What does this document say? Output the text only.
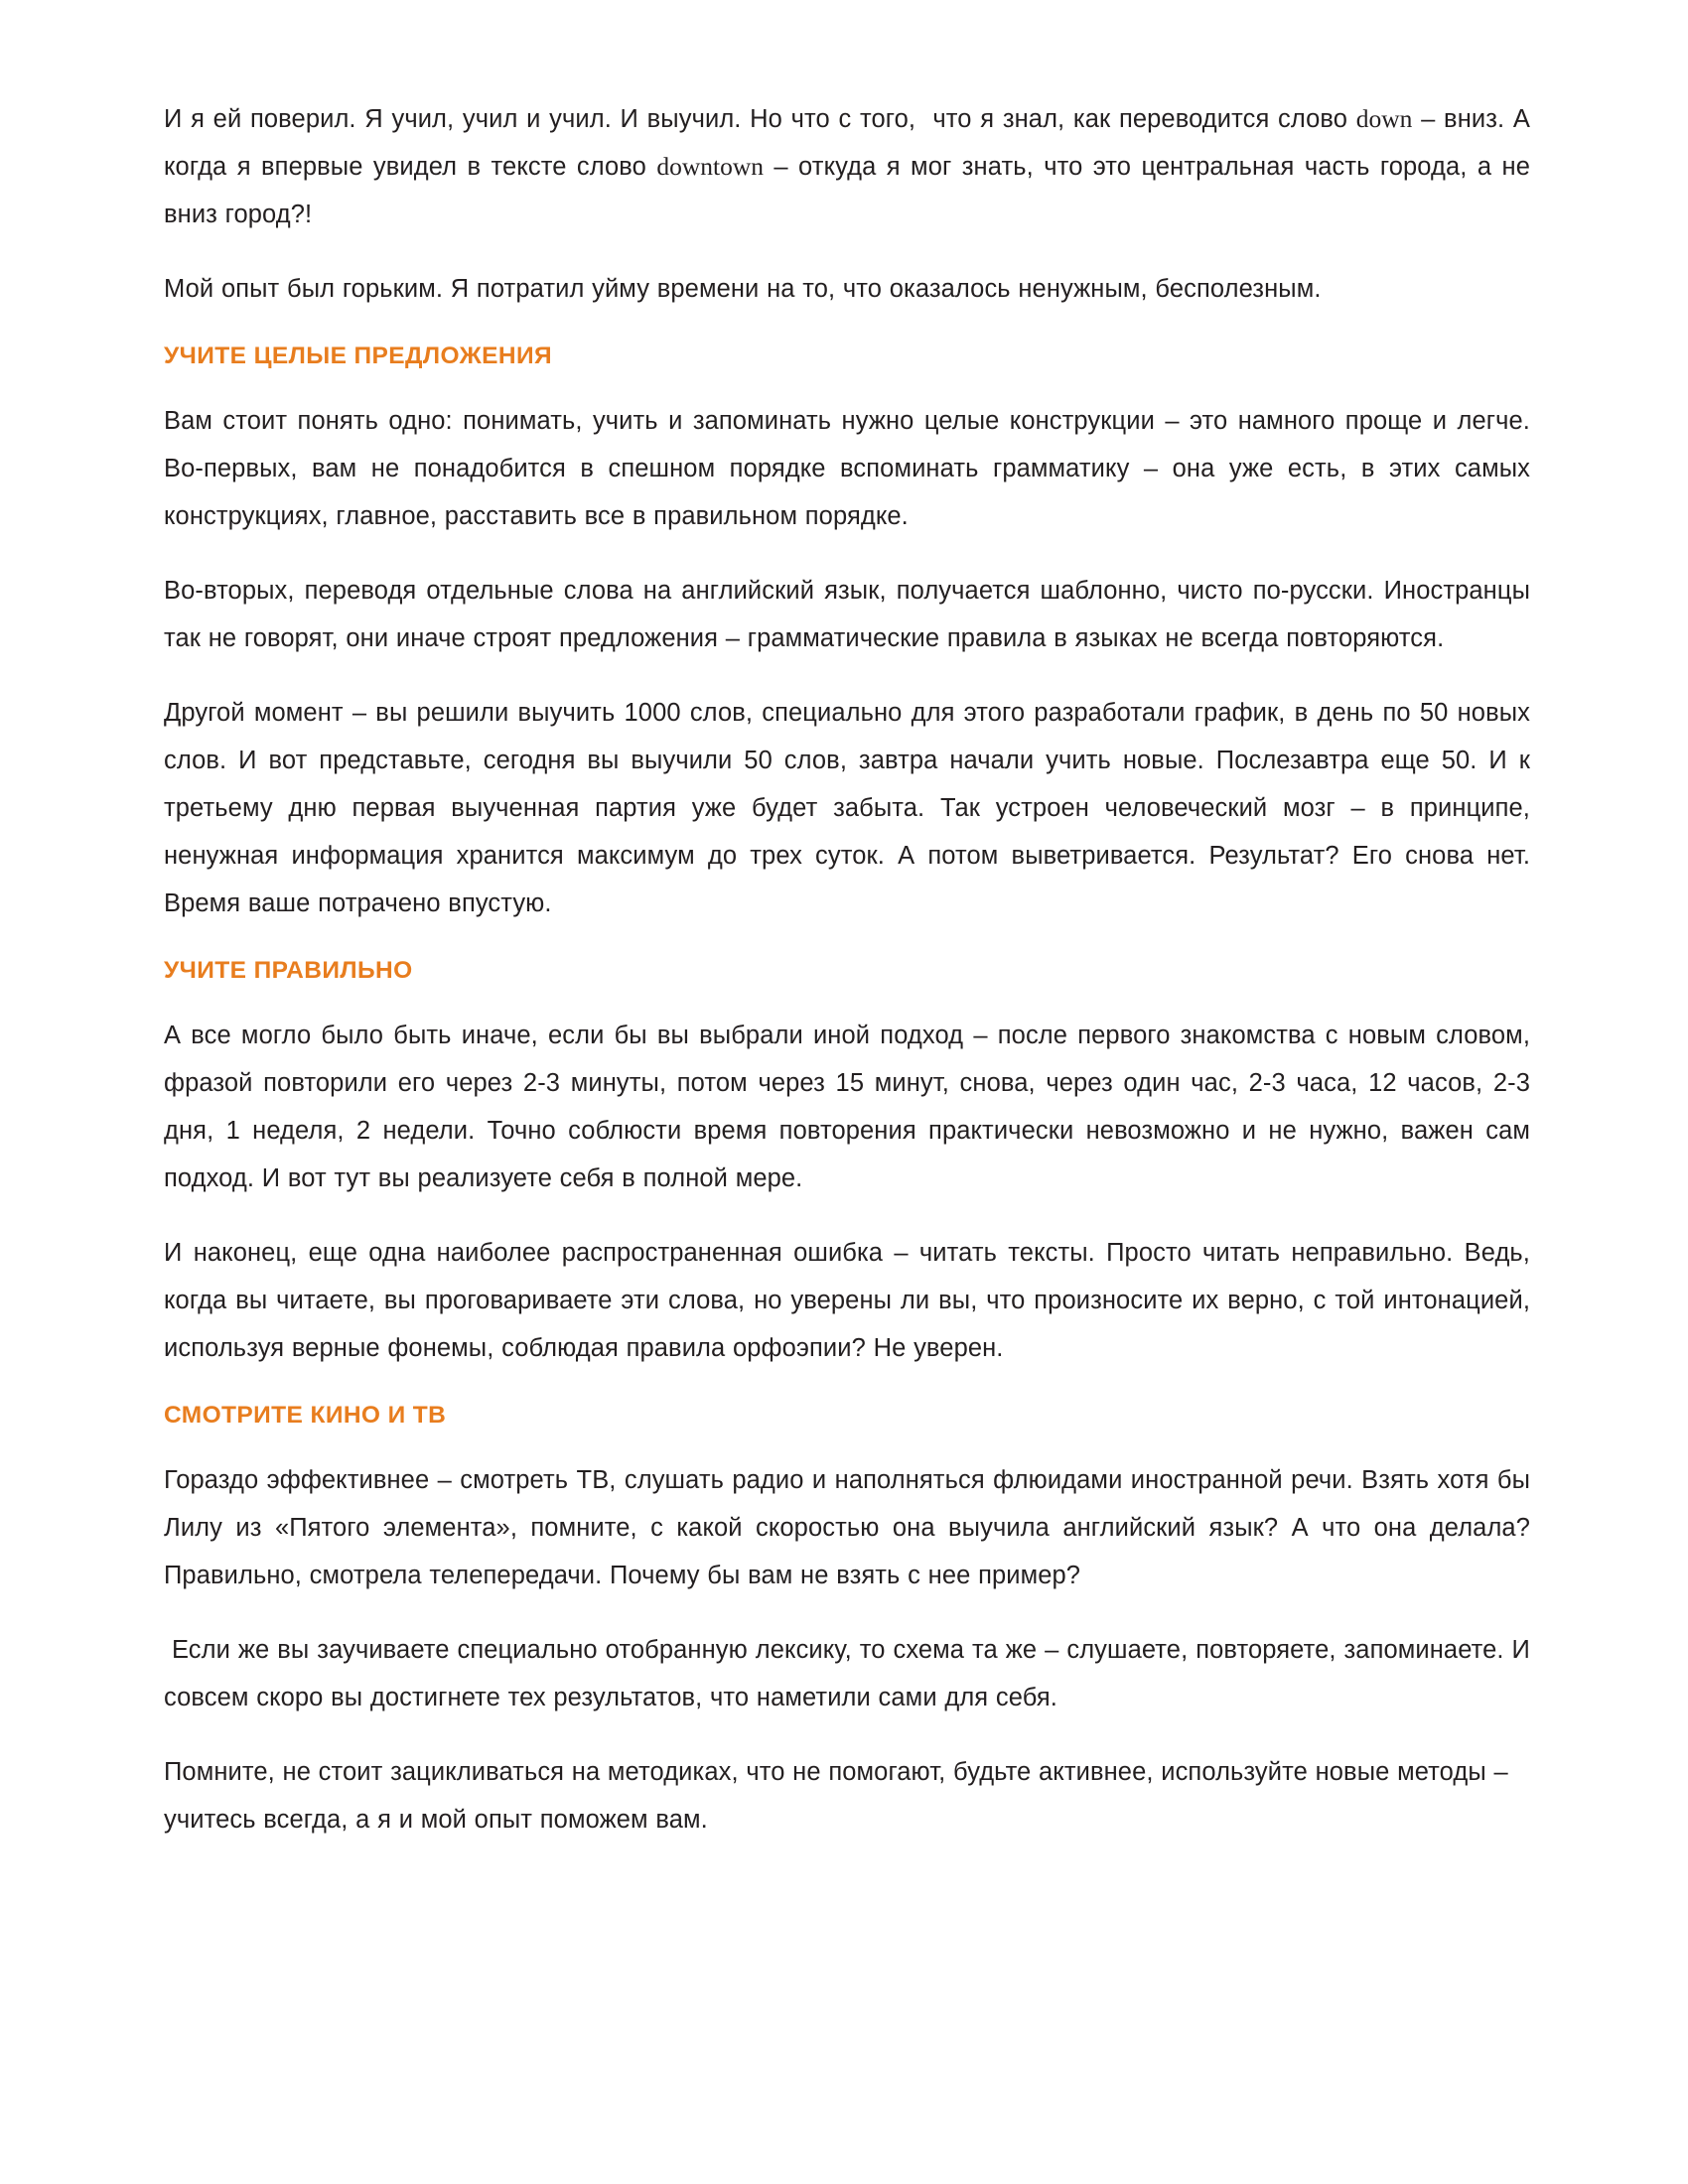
И я ей поверил. Я учил, учил и учил. И выучил. Но что с того,  что я знал, как переводится слово down – вниз. А когда я впервые увидел в тексте слово downtown – откуда я мог знать, что это центральная часть города, а не вниз город?!

Мой опыт был горьким. Я потратил уйму времени на то, что оказалось ненужным, бесполезным.

УЧИТЕ ЦЕЛЫЕ ПРЕДЛОЖЕНИЯ

Вам стоит понять одно: понимать, учить и запоминать нужно целые конструкции – это намного проще и легче. Во-первых, вам не понадобится в спешном порядке вспоминать грамматику – она уже есть, в этих самых конструкциях, главное, расставить все в правильном порядке.

Во-вторых, переводя отдельные слова на английский язык, получается шаблонно, чисто по-русски. Иностранцы так не говорят, они иначе строят предложения – грамматические правила в языках не всегда повторяются.

Другой момент – вы решили выучить 1000 слов, специально для этого разработали график, в день по 50 новых слов. И вот представьте, сегодня вы выучили 50 слов, завтра начали учить новые. Послезавтра еще 50. И к третьему дню первая выученная партия уже будет забыта. Так устроен человеческий мозг – в принципе, ненужная информация хранится максимум до трех суток. А потом выветривается. Результат? Его снова нет. Время ваше потрачено впустую.

УЧИТЕ ПРАВИЛЬНО

А все могло было быть иначе, если бы вы выбрали иной подход – после первого знакомства с новым словом, фразой повторили его через 2-3 минуты, потом через 15 минут, снова, через один час, 2-3 часа, 12 часов, 2-3 дня, 1 неделя, 2 недели. Точно соблюсти время повторения практически невозможно и не нужно, важен сам подход. И вот тут вы реализуете себя в полной мере.

И наконец, еще одна наиболее распространенная ошибка – читать тексты. Просто читать неправильно. Ведь, когда вы читаете, вы проговариваете эти слова, но уверены ли вы, что произносите их верно, с той интонацией, используя верные фонемы, соблюдая правила орфоэпии? Не уверен.

СМОТРИТЕ КИНО И ТВ

Гораздо эффективнее – смотреть ТВ, слушать радио и наполняться флюидами иностранной речи. Взять хотя бы Лилу из «Пятого элемента», помните, с какой скоростью она выучила английский язык? А что она делала? Правильно, смотрела телепередачи. Почему бы вам не взять с нее пример?

Если же вы заучиваете специально отобранную лексику, то схема та же – слушаете, повторяете, запоминаете. И совсем скоро вы достигнете тех результатов, что наметили сами для себя.

Помните, не стоит зацикливаться на методиках, что не помогают, будьте активнее, используйте новые методы – учитесь всегда, а я и мой опыт поможем вам.
